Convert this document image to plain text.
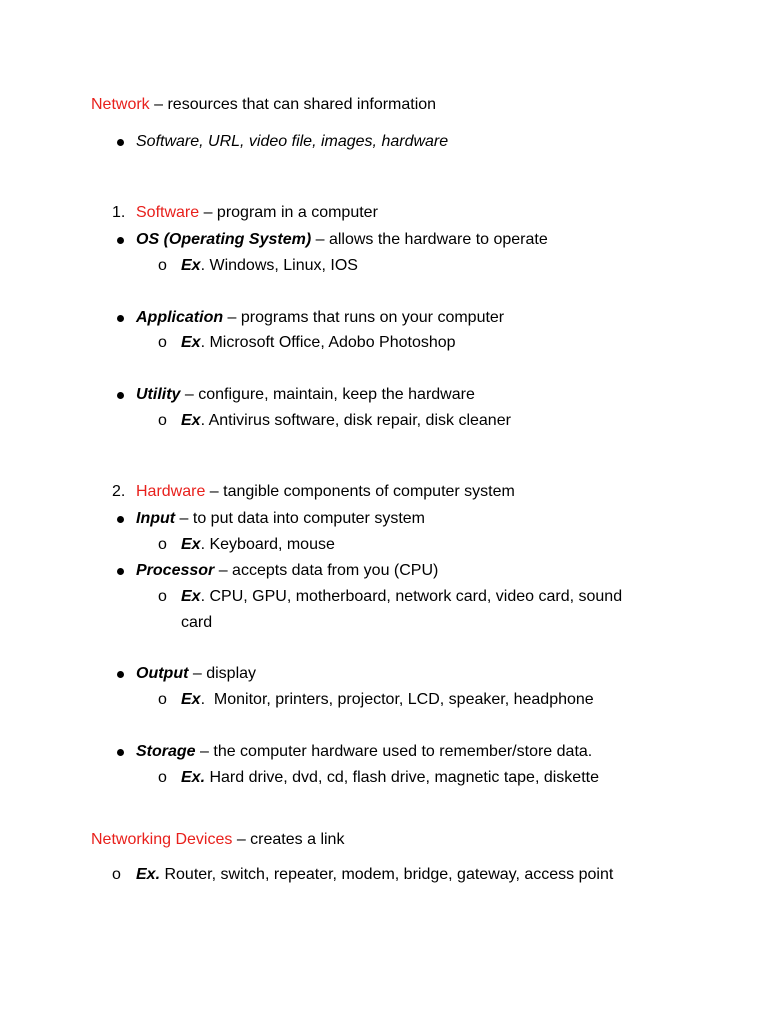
Network – resources that can shared information
Software, URL, video file, images, hardware
1. Software – program in a computer
OS (Operating System) – allows the hardware to operate
o Ex. Windows, Linux, IOS
Application – programs that runs on your computer
o Ex. Microsoft Office, Adobo Photoshop
Utility – configure, maintain, keep the hardware
o Ex. Antivirus software, disk repair, disk cleaner
2. Hardware – tangible components of computer system
Input – to put data into computer system
o Ex. Keyboard, mouse
Processor – accepts data from you (CPU)
o Ex. CPU, GPU, motherboard, network card, video card, sound
card
Output – display
o Ex.  Monitor, printers, projector, LCD, speaker, headphone
Storage – the computer hardware used to remember/store data.
o Ex. Hard drive, dvd, cd, flash drive, magnetic tape, diskette
Networking Devices – creates a link
o Ex. Router, switch, repeater, modem, bridge, gateway, access point
